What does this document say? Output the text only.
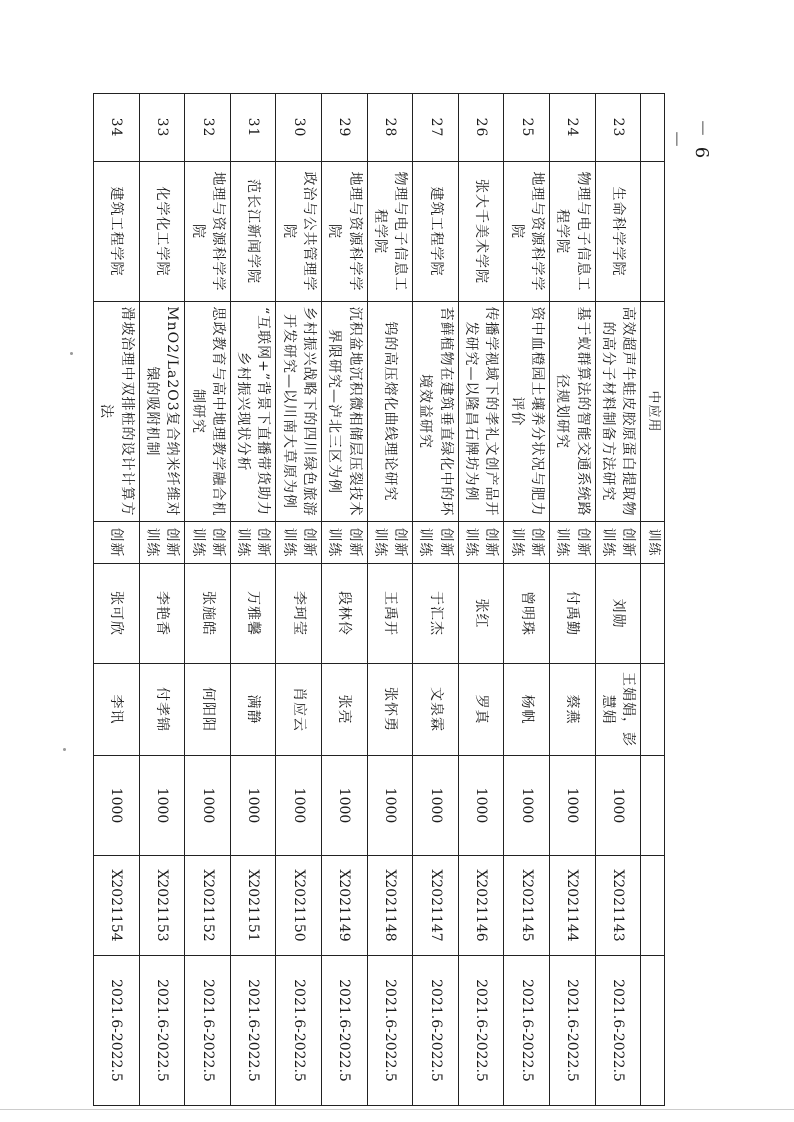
		中应用	训练					
23	生命科学学院	高效超声牛蛙皮胶原蛋白提取物的高分子材料制备方法研究	创新训练	刘勋	王娟娟，彭慧娟	1000	X2021143	2021.6-2022.5
24	物理与电子信息工程学院	基于蚁群算法的智能交通系统路径规划研究	创新训练	付禹勤	蔡燕	1000	X2021144	2021.6-2022.5
25	地理与资源科学学院	资中血橙园土壤养分状况与肥力评价	创新训练	曾明珠	杨帆	1000	X2021145	2021.6-2022.5
26	张大千美术学院	传播学视域下的孝礼文创产品开发研究—以隆昌石牌坊为例	创新训练	张红	罗真	1000	X2021146	2021.6-2022.5
27	建筑工程学院	苔藓植物在建筑垂直绿化中的环境效益研究	创新训练	于汇杰	文泉霖	1000	X2021147	2021.6-2022.5
28	物理与电子信息工程学院	钨的高压熔化曲线理论研究	创新训练	王禹开	张怀勇	1000	X2021148	2021.6-2022.5
29	地理与资源科学学院	沉积盆地沉积微相储层压裂技术界限研究—泸北三区为例	创新训练	段林伶	张亮	1000	X2021149	2021.6-2022.5
30	政治与公共管理学院	乡村振兴战略下的四川绿色旅游开发研究—以川南大草原为例	创新训练	李珂莹	肖应云	1000	X2021150	2021.6-2022.5
31	范长江新闻学院	“互联网+”背景下直播带货助力乡村振兴现状分析	创新训练	万雅馨	满静	1000	X2021151	2021.6-2022.5
32	地理与资源科学学院	思政教育与高中地理教学融合机制研究	创新训练	张施皓	何阳阳	1000	X2021152	2021.6-2022.5
33	化学化工学院	MnO2/La2O3复合纳米纤维对镍的吸附机制	创新训练	李艳香	付孝锦	1000	X2021153	2021.6-2022.5
34	建筑工程学院	滑坡治理中双排桩的设计计算方法	创新	张可欣	李讯	1000	X2021154	2021.6-2022.5
－ 6 －
